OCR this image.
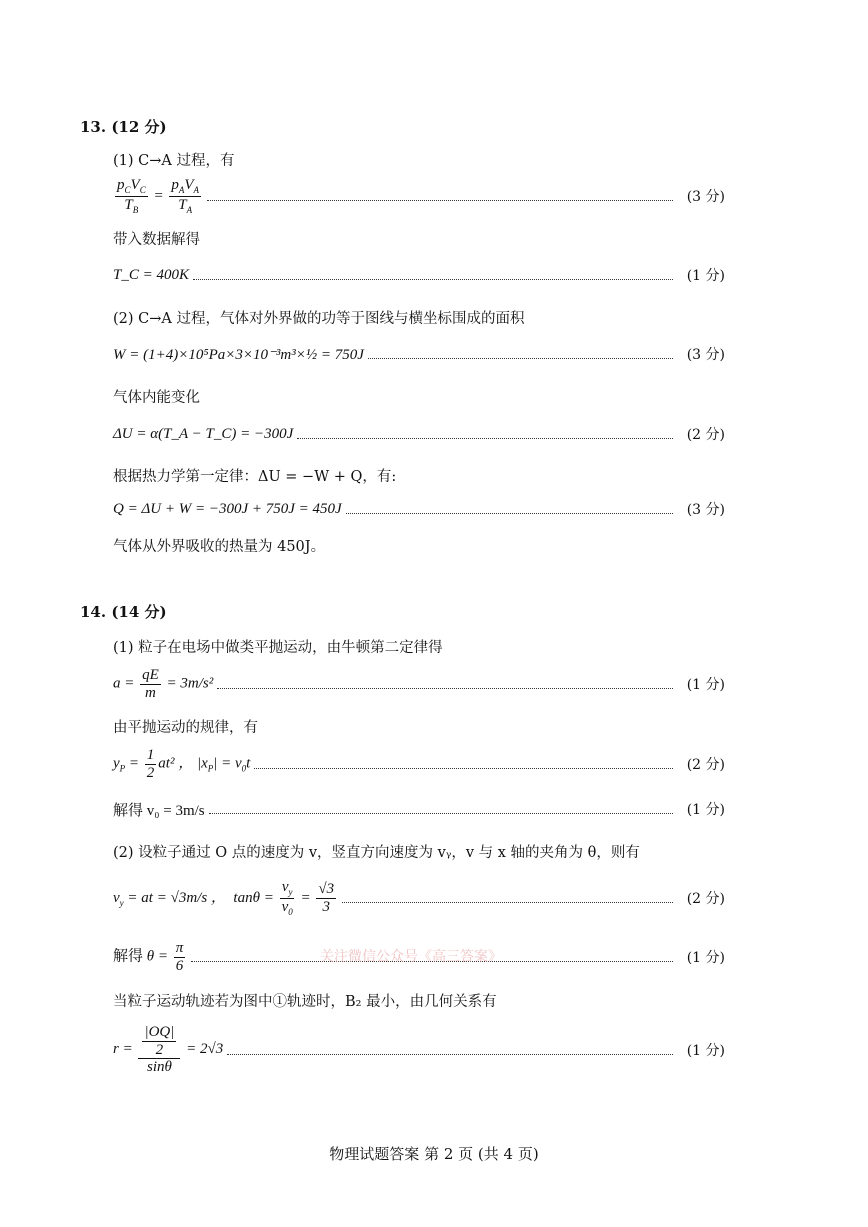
13. (12 分)
(1) C→A 过程，有
$\frac{p_CV_C}{T_B} = \frac{p_AV_A}{T_A}$	(3 分)
带入数据解得
T_C = 400K	(1 分)
(2) C→A 过程，气体对外界做的功等于图线与横坐标围成的面积
W = (1+4)×10⁵Pa×3×10⁻³m³×½ = 750J	(3 分)
气体内能变化
ΔU = α(T_A − T_C) = −300J	(2 分)
根据热力学第一定律：ΔU = −W + Q，有:
Q = ΔU + W = −300J + 750J = 450J	(3 分)
气体从外界吸收的热量为 450J。
14. (14 分)
(1) 粒子在电场中做类平抛运动，由牛顿第二定律得
$a = \frac{qE}{m} = 3m/s^2$	(1 分)
由平抛运动的规律，有
$y_P = \frac{1}{2} at^2$ ， $|x_P| = v_0t$	(2 分)
解得 v₀ = 3m/s	(1 分)
(2) 设粒子通过 O 点的速度为 v，竖直方向速度为 vᵧ，v 与 x 轴的夹角为 θ，则有
$v_y$ = at = √3m/s ，  $\tan\theta = \frac{v_y}{v_0} = \frac{√3}{3}$	(2 分)
解得 $\theta = \frac{\pi}{6}$	(1 分)
当粒子运动轨迹若为图中①轨迹时，B₂ 最小，由几何关系有
$r = \frac{\frac{|OQ|}{2}}{\sin\theta} = 2√3$	(1 分)
关注微信公众号《高三答案》
物理试题答案 第 2 页 (共 4 页)
